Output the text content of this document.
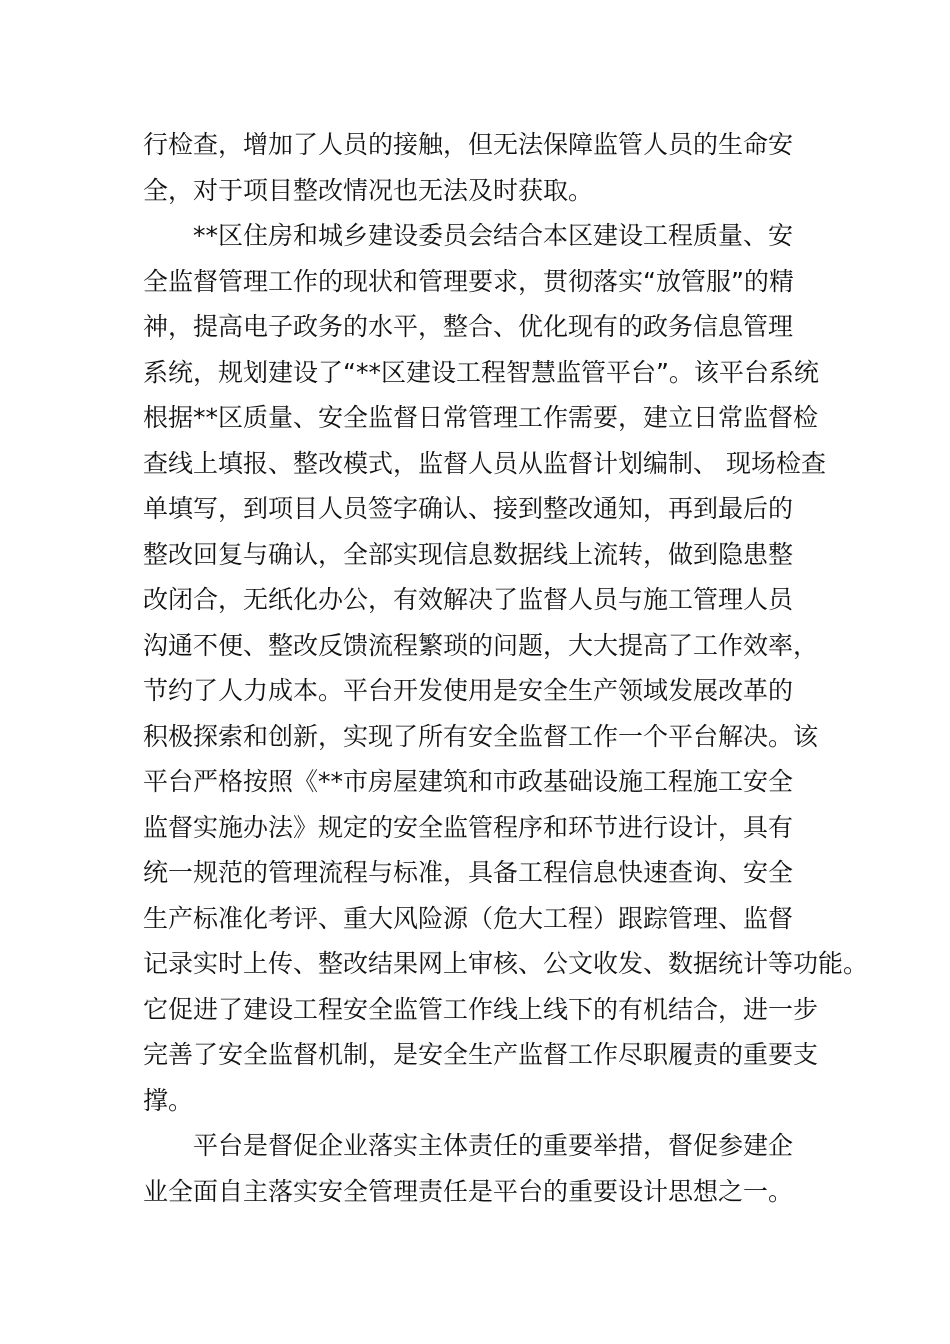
行检查，增加了人员的接触，但无法保障监管人员的生命安
全，对于项目整改情况也无法及时获取。
**区住房和城乡建设委员会结合本区建设工程质量、安
全监督管理工作的现状和管理要求，贯彻落实“放管服”的精
神，提高电子政务的水平，整合、优化现有的政务信息管理
系统，规划建设了“**区建设工程智慧监管平台”。该平台系统
根据**区质量、安全监督日常管理工作需要，建立日常监督检
查线上填报、整改模式，监督人员从监督计划编制、 现场检查
单填写，到项目人员签字确认、接到整改通知，再到最后的
整改回复与确认，全部实现信息数据线上流转，做到隐患整
改闭合，无纸化办公，有效解决了监督人员与施工管理人员
沟通不便、整改反馈流程繁琐的问题，大大提高了工作效率，
节约了人力成本。平台开发使用是安全生产领域发展改革的
积极探索和创新，实现了所有安全监督工作一个平台解决。该
平台严格按照《**市房屋建筑和市政基础设施工程施工安全
监督实施办法》规定的安全监管程序和环节进行设计，具有
统一规范的管理流程与标准，具备工程信息快速查询、安全
生产标准化考评、重大风险源（危大工程）跟踪管理、监督
记录实时上传、整改结果网上审核、公文收发、数据统计等功能。
它促进了建设工程安全监管工作线上线下的有机结合，进一步
完善了安全监督机制，是安全生产监督工作尽职履责的重要支
撑。
平台是督促企业落实主体责任的重要举措，督促参建企
业全面自主落实安全管理责任是平台的重要设计思想之一。
